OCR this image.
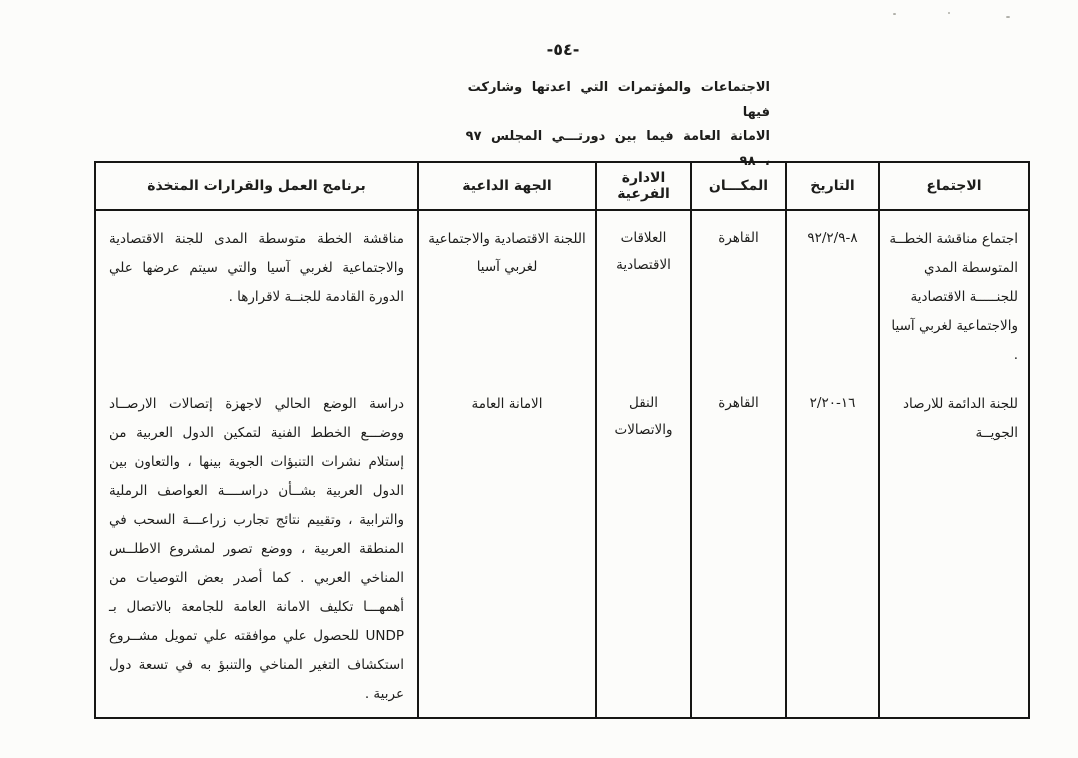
-٥٤-
الاجتماعات والمؤتمرات التي اعدتها وشاركت فيها
الامانة العامة فيما بين دورتـــي المجلس ٩٧ ، ٩٨
الاجتماع	التاريخ	المكـــان	الادارة الفرعية	الجهة الداعية	برنامج العمل والقرارات المتخذة
اجتماع مناقشة الخطــة المتوسطة المدي للجنـــــة الاقتصادية والاجتماعية لغربي آسيا .	٩٢/٢/٩-٨	القاهرة	العلاقات الاقتصادية	اللجنة الاقتصادية والاجتماعية لغربي آسيا	مناقشة الخطة متوسطة المدى للجنة الاقتصادية والاجتماعية لغربي آسيا والتي سيتم عرضها علي الدورة القادمة للجنــة لاقرارها .
للجنة الدائمة للارصاد الجويــة	٢/٢٠-١٦	القاهرة	النقل والاتصالات	الامانة العامة	دراسة الوضع الحالي لاجهزة إتصالات الارصــاد ووضـــع الخطط الفنية لتمكين الدول العربية من إستلام نشرات التنبؤات الجوية بينها ، والتعاون بين الدول العربية بشــأن دراســــة العواصف الرملية والترابية ، وتقييم نتائج تجارب زراعـــة السحب في المنطقة العربية ، ووضع تصور لمشروع الاطلــس المناخي العربي . كما أصدر بعض التوصيات من أهمهـــا تكليف الامانة العامة للجامعة بالاتصال بـ UNDP للحصول علي موافقته علي تمويل مشــروع استكشاف التغير المناخي والتنبؤ به في تسعة دول عربية .
